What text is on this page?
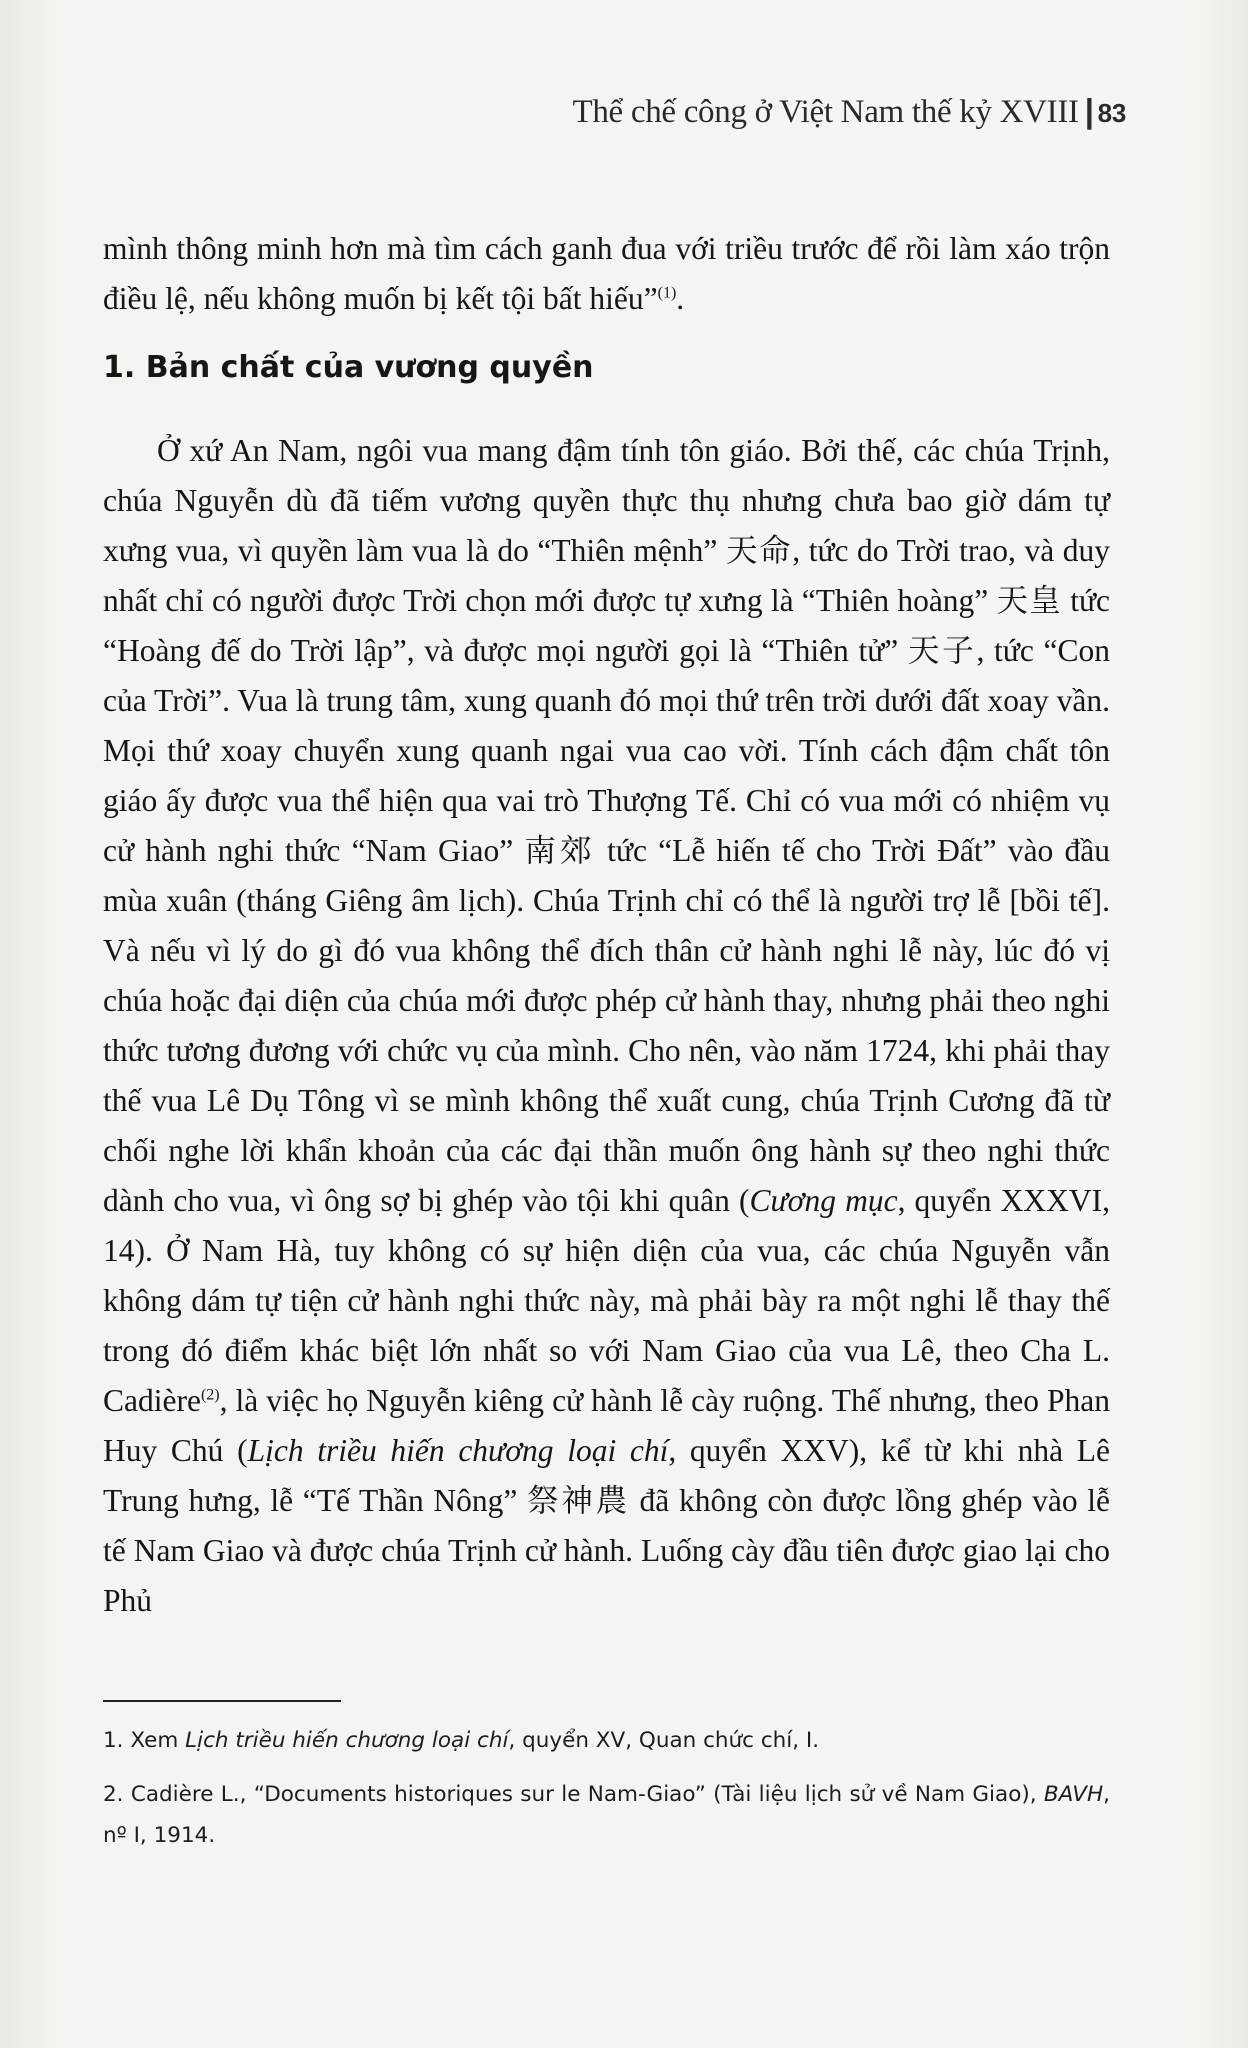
Thể chế công ở Việt Nam thế kỷ XVIII | 83
mình thông minh hơn mà tìm cách ganh đua với triều trước để rồi làm xáo trộn điều lệ, nếu không muốn bị kết tội bất hiếu”$^{(1)}$.
1. Bản chất của vương quyền
Ở xứ An Nam, ngôi vua mang đậm tính tôn giáo. Bởi thế, các chúa Trịnh, chúa Nguyễn dù đã tiếm vương quyền thực thụ nhưng chưa bao giờ dám tự xưng vua, vì quyền làm vua là do “Thiên mệnh” 天命, tức do Trời trao, và duy nhất chỉ có người được Trời chọn mới được tự xưng là “Thiên hoàng” 天皇 tức “Hoàng đế do Trời lập”, và được mọi người gọi là “Thiên tử” 天子, tức “Con của Trời”. Vua là trung tâm, xung quanh đó mọi thứ trên trời dưới đất xoay vần. Mọi thứ xoay chuyển xung quanh ngai vua cao vời. Tính cách đậm chất tôn giáo ấy được vua thể hiện qua vai trò Thượng Tế. Chỉ có vua mới có nhiệm vụ cử hành nghi thức “Nam Giao” 南郊 tức “Lễ hiến tế cho Trời Đất” vào đầu mùa xuân (tháng Giêng âm lịch). Chúa Trịnh chỉ có thể là người trợ lễ [bồi tế]. Và nếu vì lý do gì đó vua không thể đích thân cử hành nghi lễ này, lúc đó vị chúa hoặc đại diện của chúa mới được phép cử hành thay, nhưng phải theo nghi thức tương đương với chức vụ của mình. Cho nên, vào năm 1724, khi phải thay thế vua Lê Dụ Tông vì se mình không thể xuất cung, chúa Trịnh Cương đã từ chối nghe lời khẩn khoản của các đại thần muốn ông hành sự theo nghi thức dành cho vua, vì ông sợ bị ghép vào tội khi quân (Cương mục, quyển XXXVI, 14). Ở Nam Hà, tuy không có sự hiện diện của vua, các chúa Nguyễn vẫn không dám tự tiện cử hành nghi thức này, mà phải bày ra một nghi lễ thay thế trong đó điểm khác biệt lớn nhất so với Nam Giao của vua Lê, theo Cha L. Cadière$^{(2)}$, là việc họ Nguyễn kiêng cử hành lễ cày ruộng. Thế nhưng, theo Phan Huy Chú (Lịch triều hiến chương loại chí, quyển XXV), kể từ khi nhà Lê Trung hưng, lễ “Tế Thần Nông” 祭神農 đã không còn được lồng ghép vào lễ tế Nam Giao và được chúa Trịnh cử hành. Luống cày đầu tiên được giao lại cho Phủ
1. Xem Lịch triều hiến chương loại chí, quyển XV, Quan chức chí, I.
2. Cadière L., “Documents historiques sur le Nam-Giao” (Tài liệu lịch sử về Nam Giao), BAVH, nº I, 1914.
